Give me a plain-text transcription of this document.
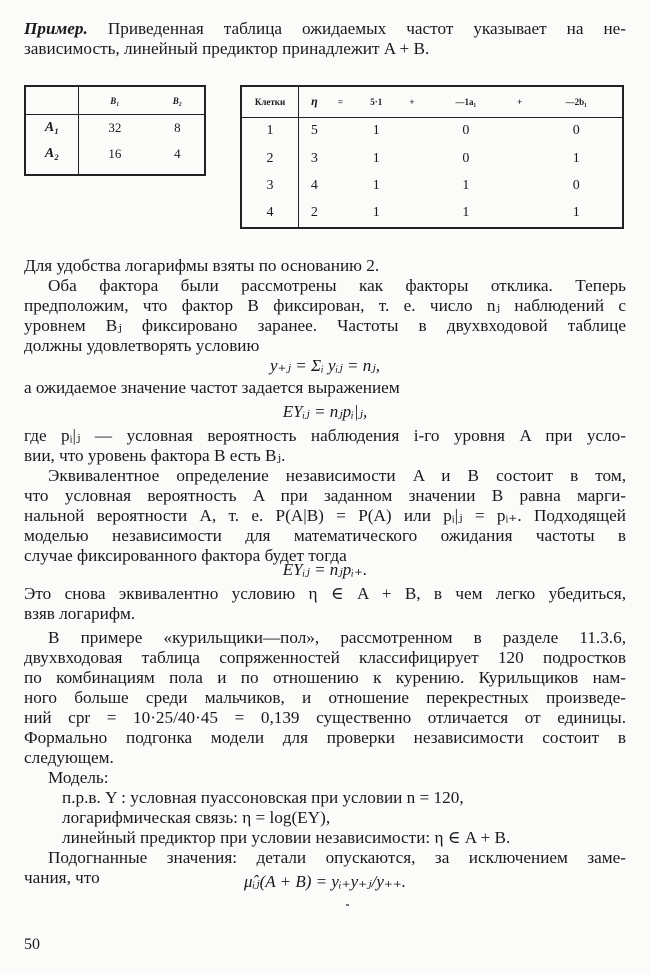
Пример. Приведенная таблица ожидаемых частот указывает на не-
зависимость, линейный предиктор принадлежит A + B.
	B₁	B₂
A₁	32	8
A₂	16	4

Клетки	η	=	5·1	+	—1a₁	+	—2b₁
1	5		1		0		0
2	3		1		0		1
3	4		1		1		0
4	2		1		1		1
Для удобства логарифмы взяты по основанию 2.
Оба фактора были рассмотрены как факторы отклика. Теперь
предположим, что фактор B фиксирован, т. е. число nⱼ наблюдений с
уровнем Bⱼ фиксировано заранее. Частоты в двухвходовой таблице
должны удовлетворять условию
y₊ⱼ = Σᵢ yᵢⱼ = nⱼ,
а ожидаемое значение частот задается выражением
EYᵢⱼ = nⱼpᵢ|ⱼ,
где pᵢ|ⱼ — условная вероятность наблюдения i-го уровня A при усло-
вии, что уровень фактора B есть Bⱼ.
Эквивалентное определение независимости A и B состоит в том,
что условная вероятность A при заданном значении B равна марги-
нальной вероятности A, т. е. P(A|B) = P(A) или pᵢ|ⱼ = pᵢ₊. Подходящей
моделью независимости для математического ожидания частоты в
случае фиксированного фактора будет тогда
EYᵢⱼ = nⱼpᵢ₊.
Это снова эквивалентно условию η ∈ A + B, в чем легко убедиться,
взяв логарифм.
В примере «курильщики—пол», рассмотренном в разделе 11.3.6,
двухвходовая таблица сопряженностей классифицирует 120 подростков
по комбинациям пола и по отношению к курению. Курильщиков нам-
ного больше среди мальчиков, и отношение перекрестных произведе-
ний cpr = 10·25/40·45 = 0,139 существенно отличается от единицы.
Формально подгонка модели для проверки независимости состоит в
следующем.
Модель:
п.р.в. Y : условная пуассоновская при условии n = 120,
логарифмическая связь: η = log(EY),
линейный предиктор при условии независимости: η ∈ A + B.
Подогнанные значения: детали опускаются, за исключением заме-
чания, что	μ̂ᵢⱼ(A + B) = yᵢ₊y₊ⱼ/y₊₊.
50
